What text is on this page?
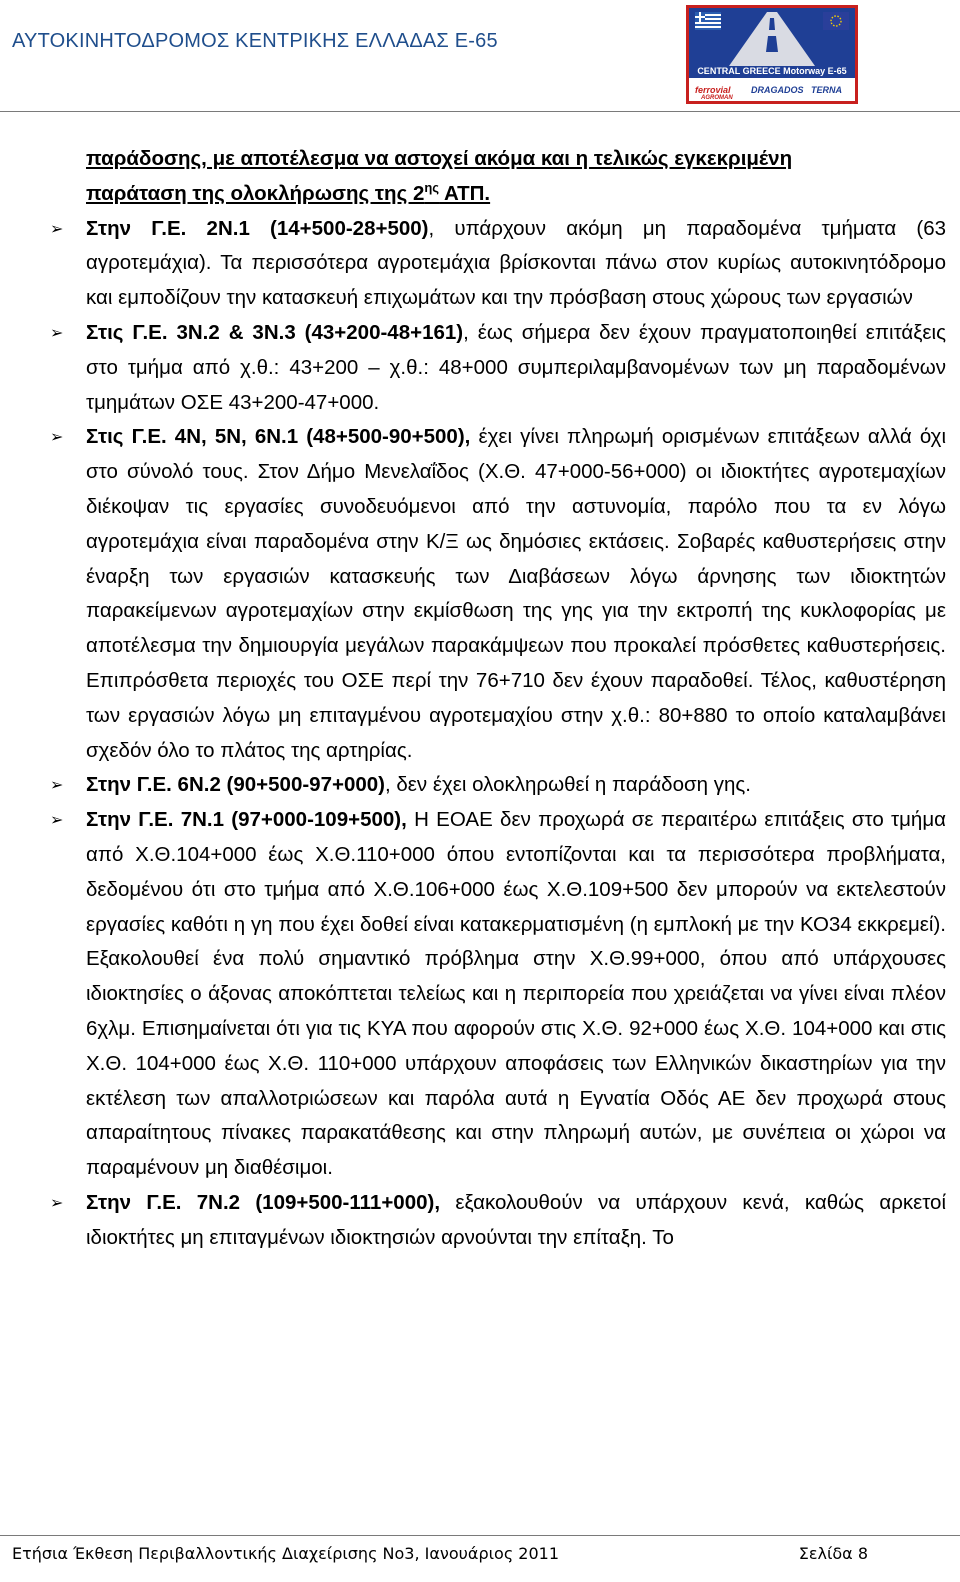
ΑΥΤΟΚΙΝΗΤΟΔΡΟΜΟΣ ΚΕΝΤΡΙΚΗΣ ΕΛΛΑΔΑΣ Ε-65
CENTRAL GREECE Motorway E-65
ferrovial DRAGADOS TERNA
AGROMAN

παράδοσης, με αποτέλεσμα να αστοχεί ακόμα και η τελικώς εγκεκριμένη
παράταση της ολοκλήρωσης της $2^{\eta\varsigma}$ ΑΤΠ.

➢	Στην Γ.Ε. 2Ν.1 (14+500-28+500), υπάρχουν ακόμη μη παραδομένα τμήματα (63 αγροτεμάχια). Τα περισσότερα αγροτεμάχια βρίσκονται πάνω στον κυρίως αυτοκινητόδρομο και εμποδίζουν την κατασκευή επιχωμάτων και την πρόσβαση στους χώρους των εργασιών

➢	Στις Γ.Ε. 3Ν.2 & 3Ν.3 (43+200-48+161), έως σήμερα δεν έχουν πραγματοποιηθεί επιτάξεις στο τμήμα από χ.θ.: 43+200 – χ.θ.: 48+000 συμπεριλαμβανομένων των μη παραδομένων τμημάτων ΟΣΕ 43+200-47+000.

➢	Στις Γ.Ε. 4Ν, 5Ν, 6Ν.1 (48+500-90+500), έχει γίνει πληρωμή ορισμένων επιτάξεων αλλά όχι στο σύνολό τους. Στον Δήμο Μενελαΐδος (Χ.Θ. 47+000-56+000) οι ιδιοκτήτες αγροτεμαχίων διέκοψαν τις εργασίες συνοδευόμενοι από την αστυνομία, παρόλο που τα εν λόγω αγροτεμάχια είναι παραδομένα στην Κ/Ξ ως δημόσιες εκτάσεις. Σοβαρές καθυστερήσεις στην έναρξη των εργασιών κατασκευής των Διαβάσεων λόγω άρνησης των ιδιοκτητών παρακείμενων αγροτεμαχίων στην εκμίσθωση της γης για την εκτροπή της κυκλοφορίας με αποτέλεσμα την δημιουργία μεγάλων παρακάμψεων που προκαλεί πρόσθετες καθυστερήσεις. Επιπρόσθετα περιοχές του ΟΣΕ περί την 76+710 δεν έχουν παραδοθεί. Τέλος, καθυστέρηση των εργασιών λόγω μη επιταγμένου αγροτεμαχίου στην χ.θ.: 80+880 το οποίο καταλαμβάνει σχεδόν όλο το πλάτος της αρτηρίας.

➢	Στην Γ.Ε. 6Ν.2 (90+500-97+000), δεν έχει ολοκληρωθεί η παράδοση γης.

➢	Στην Γ.Ε. 7Ν.1 (97+000-109+500), Η ΕΟΑΕ δεν προχωρά σε περαιτέρω επιτάξεις στο τμήμα από Χ.Θ.104+000 έως Χ.Θ.110+000 όπου εντοπίζονται και τα περισσότερα προβλήματα, δεδομένου ότι στο τμήμα από Χ.Θ.106+000 έως Χ.Θ.109+500 δεν μπορούν να εκτελεστούν εργασίες καθότι η γη που έχει δοθεί είναι κατακερματισμένη (η εμπλοκή με την ΚΟ34 εκκρεμεί). Εξακολουθεί ένα πολύ σημαντικό πρόβλημα στην Χ.Θ.99+000, όπου από υπάρχουσες ιδιοκτησίες ο άξονας αποκόπτεται τελείως και η περιπορεία που χρειάζεται να γίνει είναι πλέον 6χλμ. Επισημαίνεται ότι για τις ΚΥΑ που αφορούν στις Χ.Θ. 92+000 έως Χ.Θ. 104+000 και στις Χ.Θ. 104+000 έως Χ.Θ. 110+000 υπάρχουν αποφάσεις των Ελληνικών δικαστηρίων για την εκτέλεση των απαλλοτριώσεων και παρόλα αυτά η Εγνατία Οδός ΑΕ δεν προχωρά στους απαραίτητους πίνακες παρακατάθεσης και στην πληρωμή αυτών, με συνέπεια οι χώροι να παραμένουν μη διαθέσιμοι.

➢	Στην Γ.Ε. 7Ν.2 (109+500-111+000), εξακολουθούν να υπάρχουν κενά, καθώς αρκετοί ιδιοκτήτες μη επιταγμένων ιδιοκτησιών αρνούνται την επίταξη. Το

Ετήσια Έκθεση Περιβαλλοντικής Διαχείρισης Νο3, Ιανουάριος 2011	Σελίδα 8
